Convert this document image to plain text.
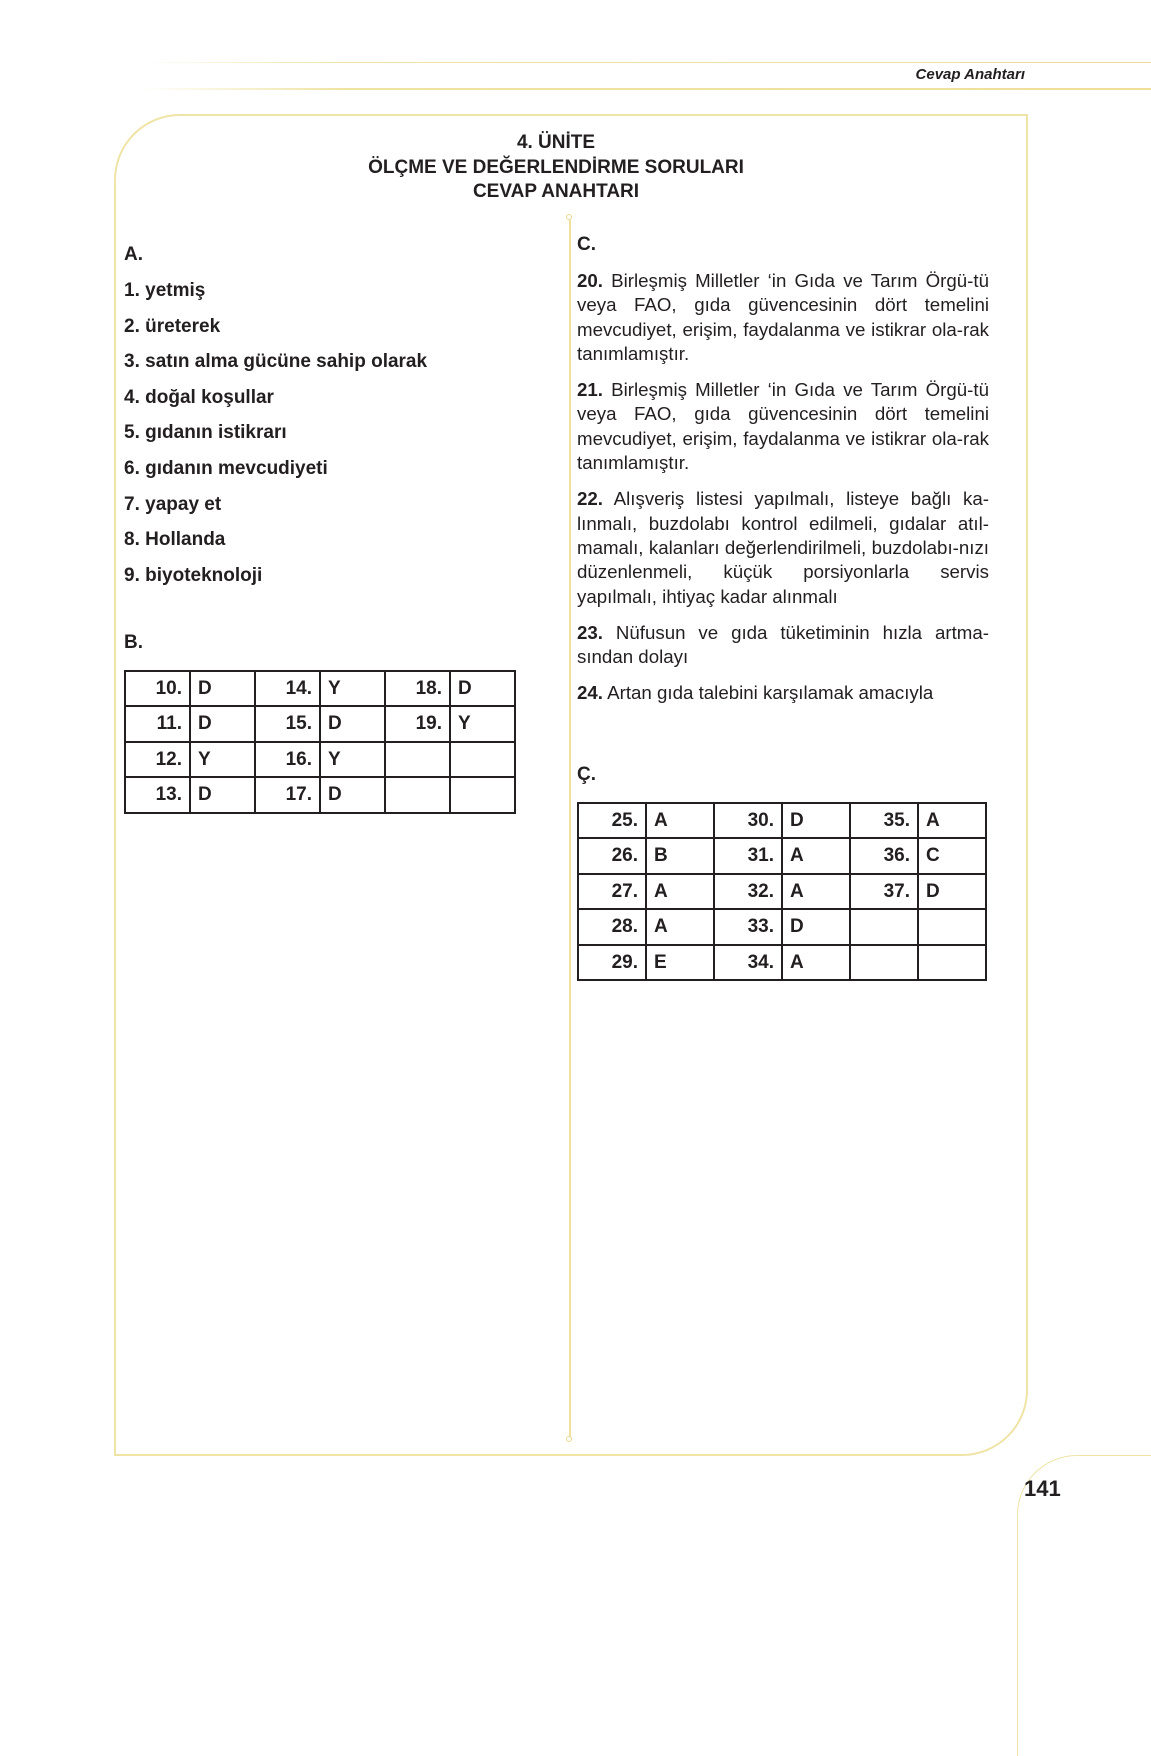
Cevap Anahtarı
4. ÜNİTE
ÖLÇME VE DEĞERLENDİRME SORULARI
CEVAP ANAHTARI

A.

1. yetmiş
2. üreterek
3. satın alma gücüne sahip olarak
4. doğal koşullar
5. gıdanın istikrarı
6. gıdanın mevcudiyeti
7. yapay et
8. Hollanda
9. biyoteknoloji

B.

10.	D	14.	Y	18.	D
11.	D	15.	D	19.	Y
12.	Y	16.	Y		
13.	D	17.	D		

C.

20. Birleşmiş Milletler ‘in Gıda ve Tarım Örgü-tü veya FAO, gıda güvencesinin dört temelini mevcudiyet, erişim, faydalanma ve istikrar ola-rak tanımlamıştır.

21. Birleşmiş Milletler ‘in Gıda ve Tarım Örgü-tü veya FAO, gıda güvencesinin dört temelini mevcudiyet, erişim, faydalanma ve istikrar ola-rak tanımlamıştır.

22. Alışveriş listesi yapılmalı, listeye bağlı ka-lınmalı, buzdolabı kontrol edilmeli, gıdalar atıl-mamalı, kalanları değerlendirilmeli, buzdolabı-nızı düzenlenmeli, küçük porsiyonlarla servis yapılmalı, ihtiyaç kadar alınmalı

23. Nüfusun ve gıda tüketiminin hızla artma-sından dolayı

24. Artan gıda talebini karşılamak amacıyla

Ç.

25.	A	30.	D	35.	A
26.	B	31.	A	36.	C
27.	A	32.	A	37.	D
28.	A	33.	D		
29.	E	34.	A		
141
